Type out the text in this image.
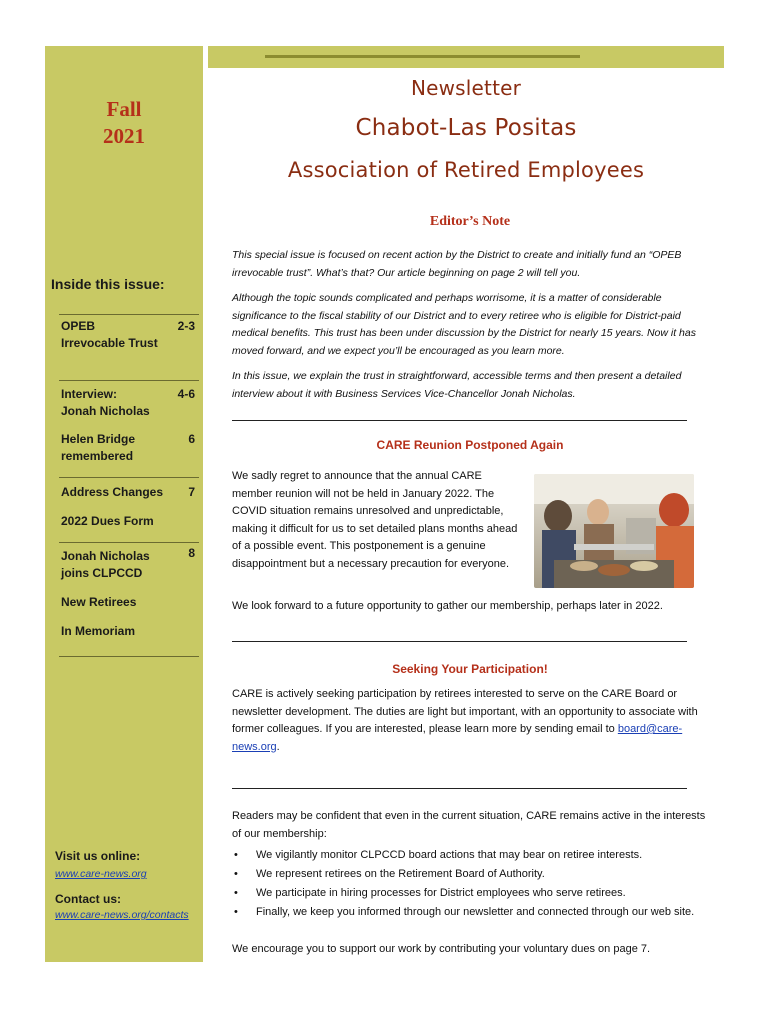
Fall
2021
Inside this issue:
OPEB
Irrevocable Trust
2-3
Interview:
Jonah Nicholas
4-6
Helen Bridge
remembered
6
Address Changes 7
2022 Dues Form
Jonah Nicholas
joins CLPCCD
8
New Retirees
In Memoriam
Visit us online:
www.care-news.org
Contact us:
www.care-news.org/contacts
Newsletter
Chabot-Las Positas
Association of Retired Employees
Editor’s Note
This special issue is focused on recent action by the District to create and initially fund an “OPEB irrevocable trust”. What’s that? Our article beginning on page 2 will tell you.
Although the topic sounds complicated and perhaps worrisome, it is a matter of considerable significance to the fiscal stability of our District and to every retiree who is eligible for District-paid medical benefits. This trust has been under discussion by the District for nearly 15 years. Now it has moved forward, and we expect you’ll be encouraged as you learn more.
In this issue, we explain the trust in straightforward, accessible terms and then present a detailed interview about it with Business Services Vice-Chancellor Jonah Nicholas.
CARE Reunion Postponed Again
We sadly regret to announce that the annual CARE member reunion will not be held in January 2022. The COVID situation remains unresolved and unpredictable, making it difficult for us to set detailed plans months ahead of a possible event. This postponement is a genuine disappointment but a necessary precaution for everyone.
We look forward to a future opportunity to gather our membership, perhaps later in 2022.
Seeking Your Participation!
CARE is actively seeking participation by retirees interested to serve on the CARE Board or newsletter development. The duties are light but important, with an opportunity to associate with former colleagues. If you are interested, please learn more by sending email to board@care-news.org.
Readers may be confident that even in the current situation, CARE remains active in the interests of our membership:
• We vigilantly monitor CLPCCD board actions that may bear on retiree interests.
• We represent retirees on the Retirement Board of Authority.
• We participate in hiring processes for District employees who serve retirees.
• Finally, we keep you informed through our newsletter and connected through our web site.
We encourage you to support our work by contributing your voluntary dues on page 7.
